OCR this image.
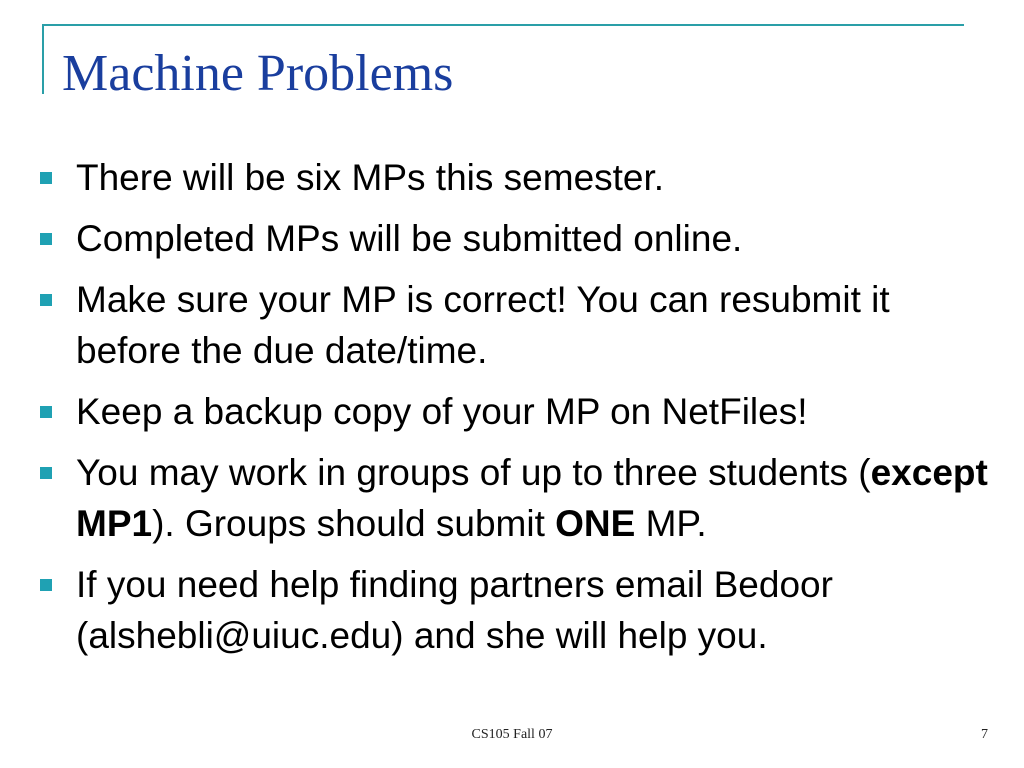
Machine Problems
There will be six MPs this semester.
Completed MPs will be submitted online.
Make sure your MP is correct! You can resubmit it before the due date/time.
Keep a backup copy of your MP on NetFiles!
You may work in groups of up to three students (except MP1). Groups should submit ONE MP.
If you need help finding partners email Bedoor (alshebli@uiuc.edu) and she will help you.
CS105 Fall 07	7
